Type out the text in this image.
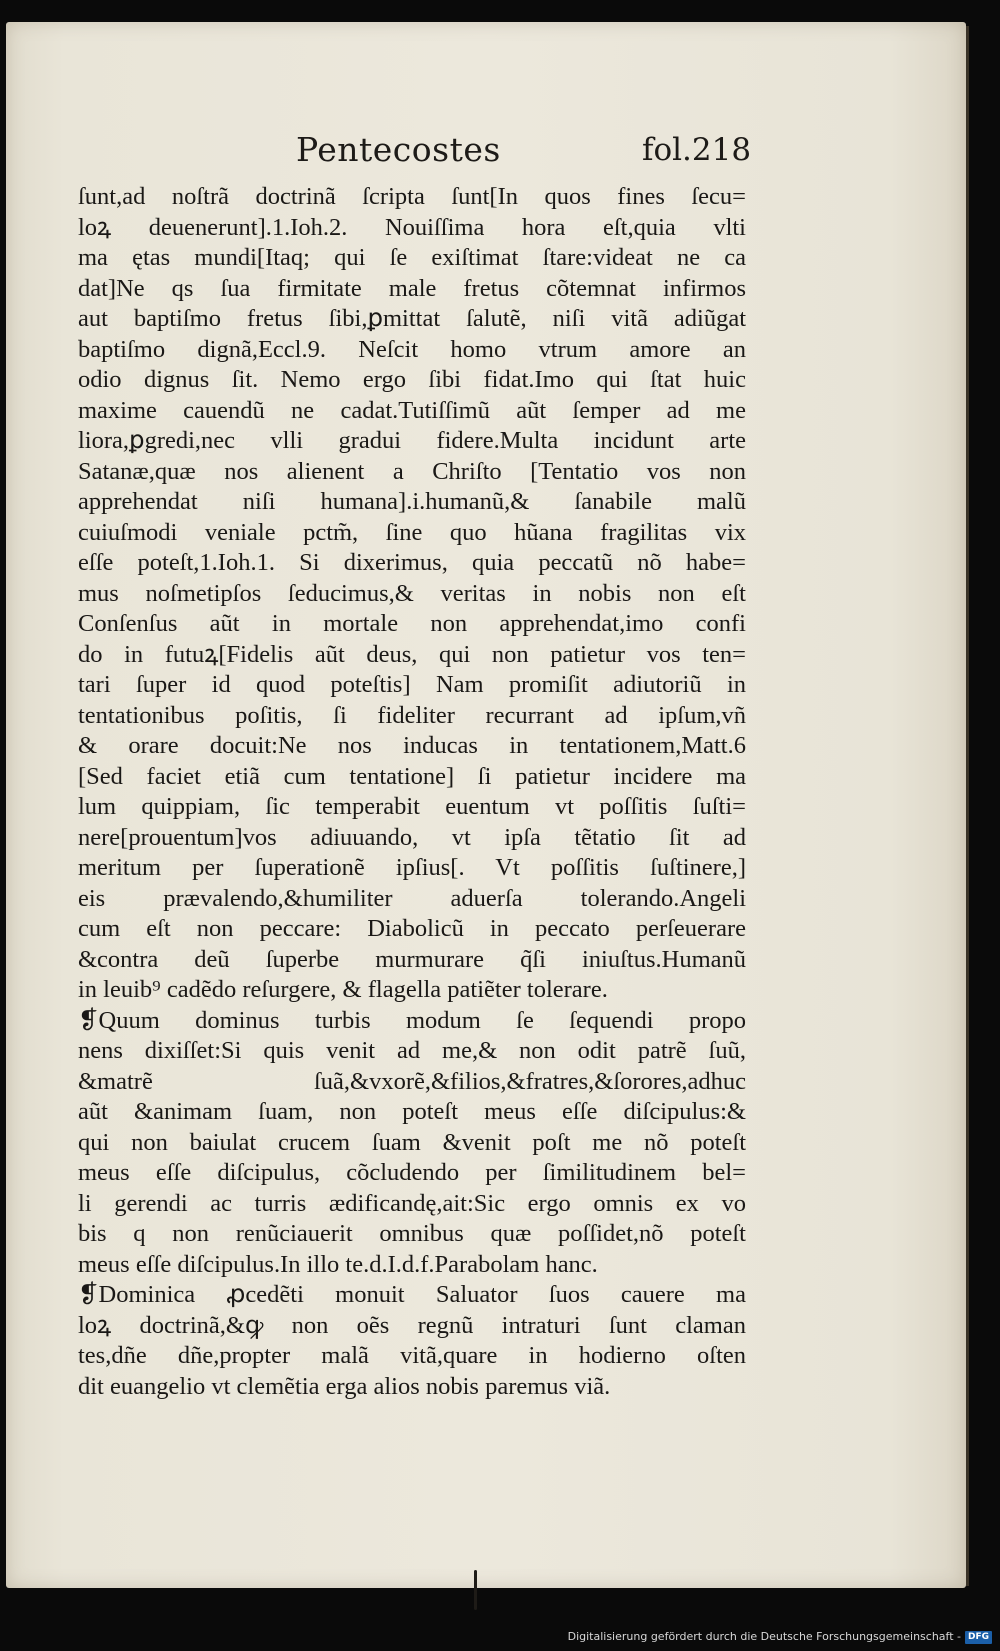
Pentecostes	fol.218
ſunt,ad noſtrã doctrinã ſcripta ſunt[In quos fines ſecu=
loꝝ deuenerunt].1.Ioh.2. Nouiſſima hora eſt,quia vlti
ma ętas mundi[Itaq; qui ſe exiſtimat ſtare:videat ne ca
dat]Ne qs ſua firmitate male fretus cõtemnat infirmos
aut baptiſmo fretus ſibi,ꝑmittat ſalutẽ, niſi vitã adiũgat
baptiſmo dignã,Eccl.9. Neſcit homo vtrum amore an
odio dignus ſit. Nemo ergo ſibi fidat.Imo qui ſtat huic
maxime cauendũ ne cadat.Tutiſſimũ aũt ſemper ad me
liora,ꝑgredi,nec vlli gradui fidere.Multa incidunt arte
Satanæ,quæ nos alienent a Chriſto [Tentatio vos non
apprehendat niſi humana].i.humanũ,& ſanabile malũ
cuiuſmodi veniale pctm̃, ſine quo hũana fragilitas vix
eſſe poteſt,1.Ioh.1. Si dixerimus, quia peccatũ nõ habe=
mus noſmetipſos ſeducimus,& veritas in nobis non eſt
Conſenſus aũt in mortale non apprehendat,imo confi
do in futuꝝ[Fidelis aũt deus, qui non patietur vos ten=
tari ſuper id quod poteſtis] Nam promiſit adiutoriũ in
tentationibus poſitis, ſi fideliter recurrant ad ipſum,vñ
& orare docuit:Ne nos inducas in tentationem,Matt.6
[Sed faciet etiã cum tentatione] ſi patietur incidere ma
lum quippiam, ſic temperabit euentum vt poſſitis ſuſti=
nere[prouentum]vos adiuuando, vt ipſa tẽtatio ſit ad
meritum per ſuperationẽ ipſius[. Vt poſſitis ſuſtinere,]
eis prævalendo,&humiliter aduerſa tolerando.Angeli
cum eſt non peccare: Diabolicũ in peccato perſeuerare
&contra deũ ſuperbe murmurare q̃ſi iniuſtus.Humanũ
in leuib⁹ cadẽdo reſurgere, & flagella patiẽter tolerare.
❡Quum dominus turbis modum ſe ſequendi propo
nens dixiſſet:Si quis venit ad me,& non odit patrẽ ſuũ,
&matrẽ ſuã,&vxorẽ,&filios,&fratres,&ſorores,adhuc
aũt &animam ſuam, non poteſt meus eſſe diſcipulus:&
qui non baiulat crucem ſuam &venit poſt me nõ poteſt
meus eſſe diſcipulus, cõcludendo per ſimilitudinem bel=
li gerendi ac turris ædificandę,ait:Sic ergo omnis ex vo
bis q non renũciauerit omnibus quæ poſſidet,nõ poteſt
meus eſſe diſcipulus.In illo te.d.I.d.f.Parabolam hanc.
❡Dominica ꝓcedẽti monuit Saluator ſuos cauere ma
loꝝ doctrinã,&ꝙ non oẽs regnũ intraturi ſunt claman
tes,dñe dñe,propter malã vitã,quare in hodierno oſten
dit euangelio vt clemẽtia erga alios nobis paremus viã.
Digitalisierung gefördert durch die Deutsche Forschungsgemeinschaft - DFG
